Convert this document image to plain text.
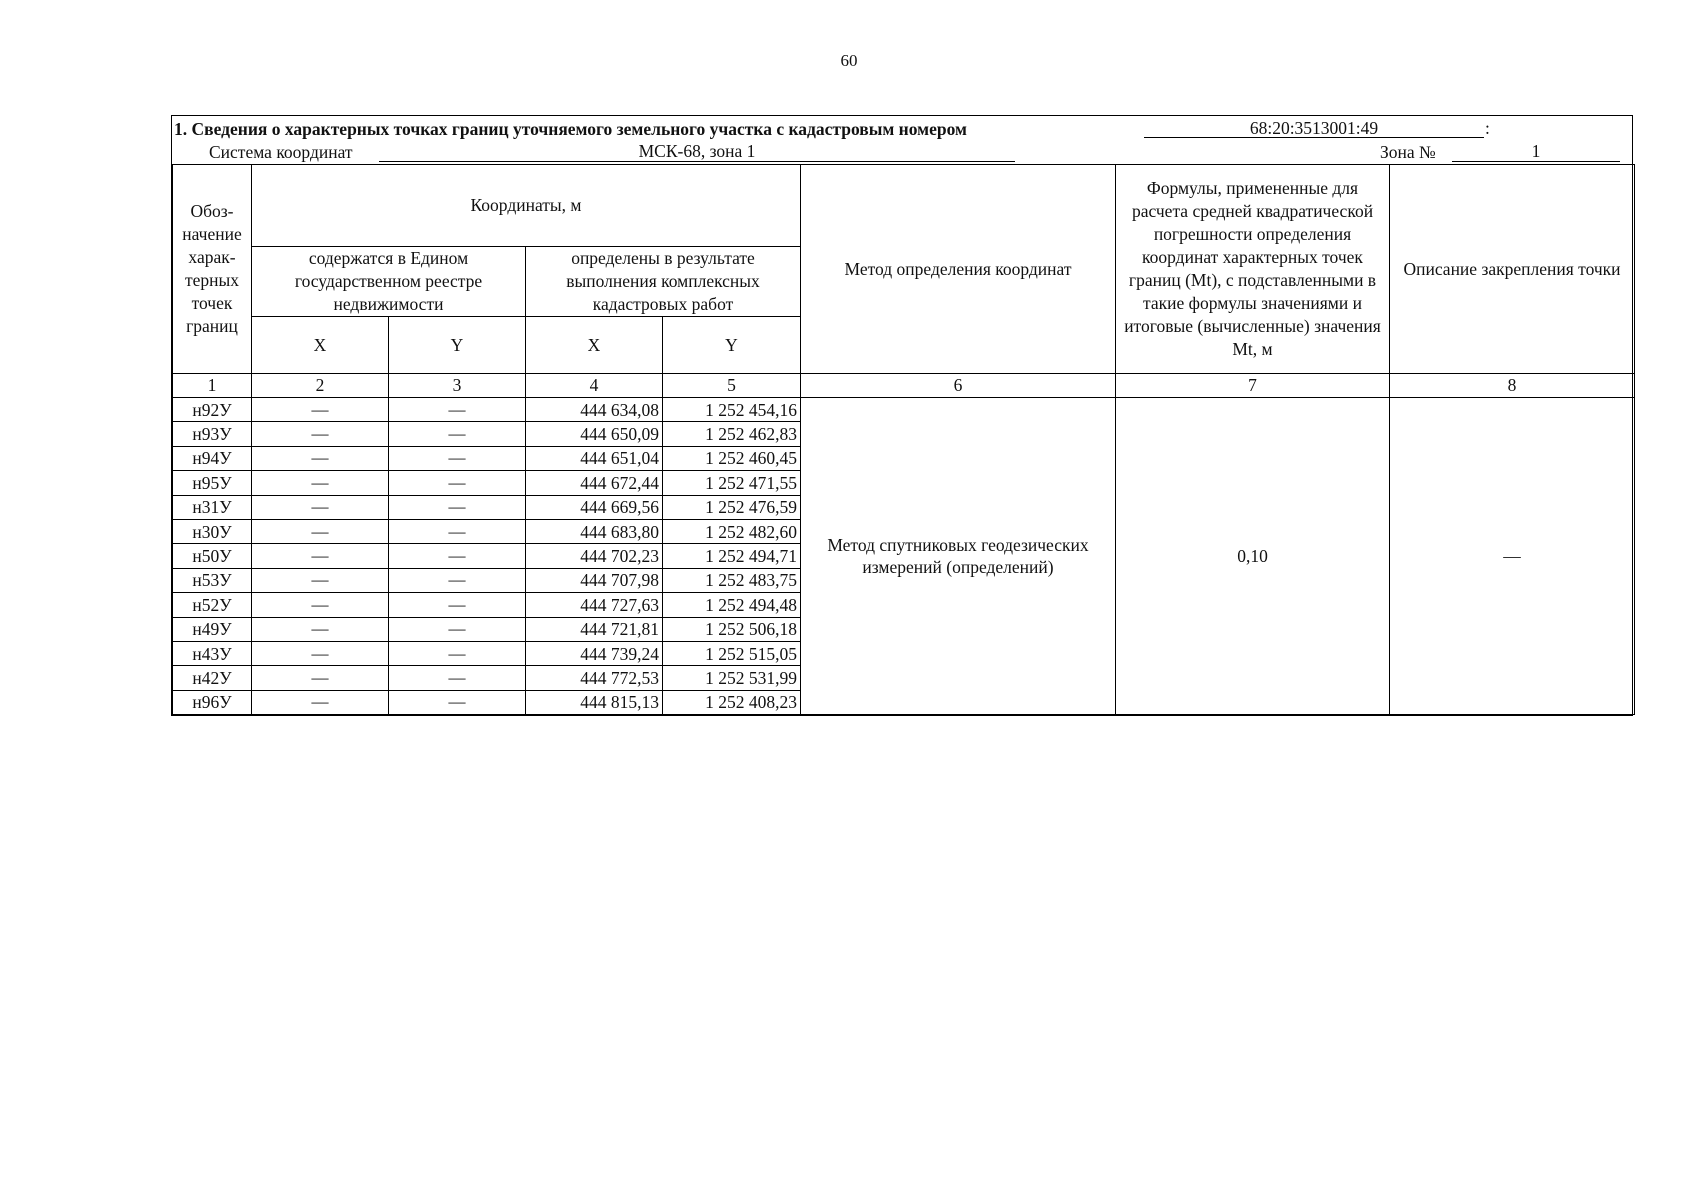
60
1. Сведения о характерных точках границ уточняемого земельного участка с кадастровым номером	68:20:3513001:49	:
Система координат	МСК-68, зона 1	Зона №	1
Обоз-начение харак-терных точек границ	Координаты, м				Метод определения координат	Формулы, примененные для расчета средней квадратической погрешности определения координат характерных точек границ (Mt), с подставленными в такие формулы значениями и итоговые (вычисленные) значения Mt, м	Описание закрепления точки
	содержатся в Едином государственном реестре недвижимости		определены в результате выполнения комплексных кадастровых работ				
	X	Y	X	Y			
1	2	3	4	5	6	7	8
н92У	—	—	444 634,08	1 252 454,16	Метод спутниковых геодезических измерений (определений)	0,10	—
н93У	—	—	444 650,09	1 252 462,83			
н94У	—	—	444 651,04	1 252 460,45			
н95У	—	—	444 672,44	1 252 471,55			
н31У	—	—	444 669,56	1 252 476,59			
н30У	—	—	444 683,80	1 252 482,60			
н50У	—	—	444 702,23	1 252 494,71			
н53У	—	—	444 707,98	1 252 483,75			
н52У	—	—	444 727,63	1 252 494,48			
н49У	—	—	444 721,81	1 252 506,18			
н43У	—	—	444 739,24	1 252 515,05			
н42У	—	—	444 772,53	1 252 531,99			
н96У	—	—	444 815,13	1 252 408,23			
